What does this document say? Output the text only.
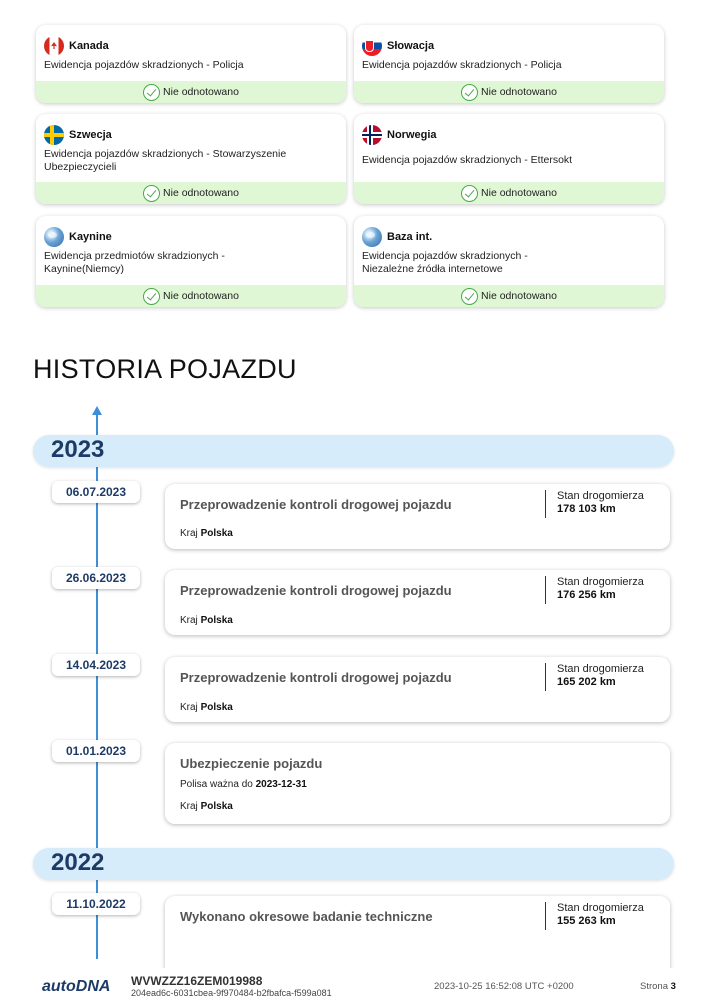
Kanada
Ewidencja pojazdów skradzionych - Policja
Nie odnotowano
Słowacja
Ewidencja pojazdów skradzionych - Policja
Nie odnotowano
Szwecja
Ewidencja pojazdów skradzionych - Stowarzyszenie Ubezpieczycieli
Nie odnotowano
Norwegia
Ewidencja pojazdów skradzionych - Ettersokt
Nie odnotowano
Kaynine
Ewidencja przedmiotów skradzionych - Kaynine(Niemcy)
Nie odnotowano
Baza int.
Ewidencja pojazdów skradzionych - Niezależne źródła internetowe
Nie odnotowano
HISTORIA POJAZDU
2023
06.07.2023
Przeprowadzenie kontroli drogowej pojazdu
Stan drogomierza
178 103 km
Kraj Polska
26.06.2023
Przeprowadzenie kontroli drogowej pojazdu
Stan drogomierza
176 256 km
Kraj Polska
14.04.2023
Przeprowadzenie kontroli drogowej pojazdu
Stan drogomierza
165 202 km
Kraj Polska
01.01.2023
Ubezpieczenie pojazdu
Polisa ważna do 2023-12-31
Kraj Polska
2022
11.10.2022
Wykonano okresowe badanie techniczne
Stan drogomierza
155 263 km
autoDNA WVWZZZ16ZEM019988
204ead6c-6031cbea-9f970484-b2fbafca-f599a081
2023-10-25 16:52:08 UTC +0200	Strona 3
